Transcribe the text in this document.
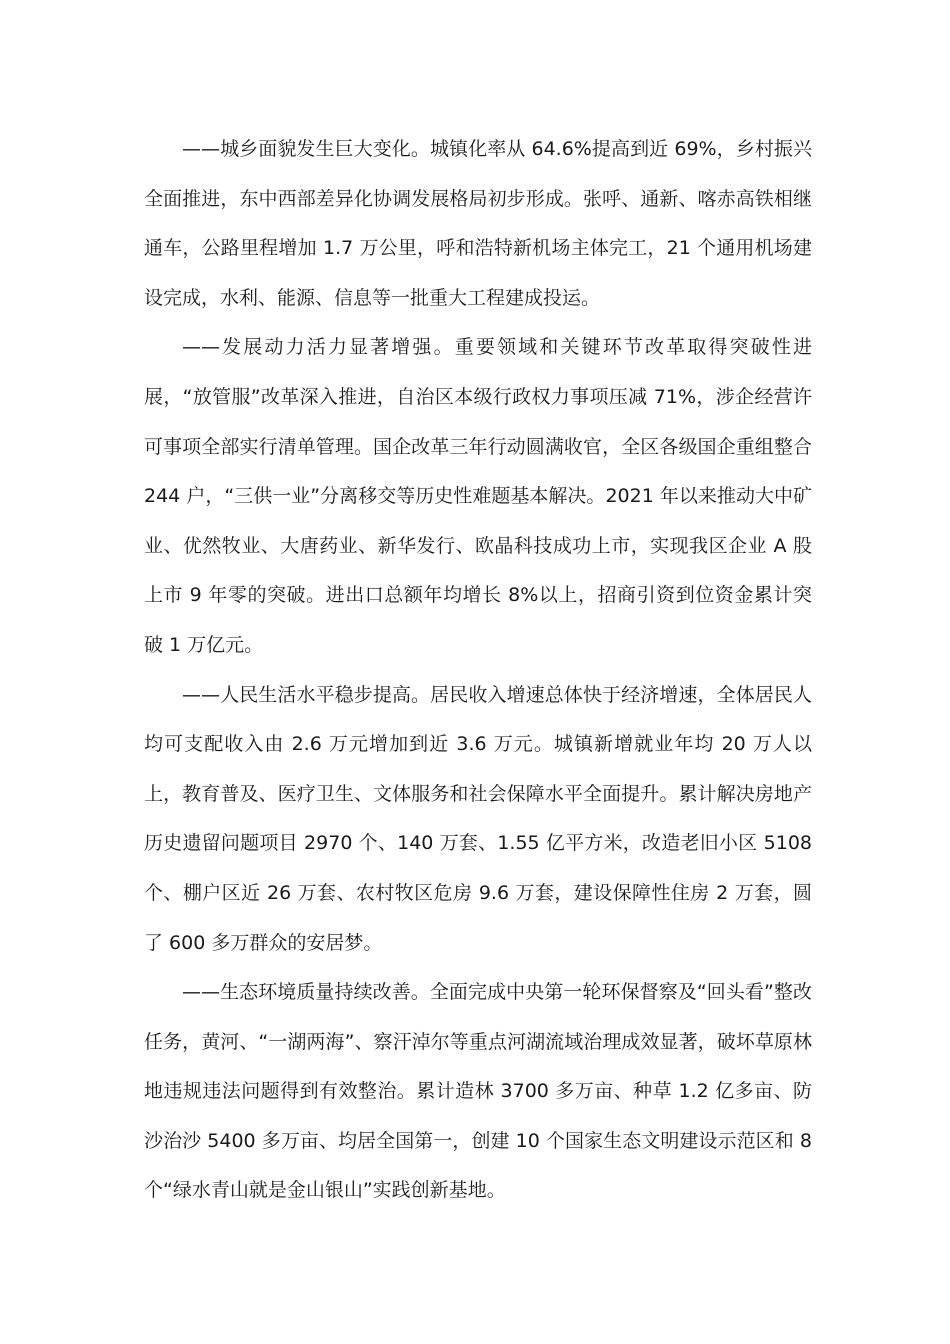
——城乡面貌发生巨大变化。城镇化率从 64.6%提高到近 69%，乡村振兴全面推进，东中西部差异化协调发展格局初步形成。张呼、通新、喀赤高铁相继通车，公路里程增加 1.7 万公里，呼和浩特新机场主体完工，21 个通用机场建设完成，水利、能源、信息等一批重大工程建成投运。

——发展动力活力显著增强。重要领域和关键环节改革取得突破性进展，“放管服”改革深入推进，自治区本级行政权力事项压减 71%，涉企经营许可事项全部实行清单管理。国企改革三年行动圆满收官，全区各级国企重组整合 244 户，“三供一业”分离移交等历史性难题基本解决。2021 年以来推动大中矿业、优然牧业、大唐药业、新华发行、欧晶科技成功上市，实现我区企业 A 股上市 9 年零的突破。进出口总额年均增长 8%以上，招商引资到位资金累计突破 1 万亿元。

——人民生活水平稳步提高。居民收入增速总体快于经济增速，全体居民人均可支配收入由 2.6 万元增加到近 3.6 万元。城镇新增就业年均 20 万人以上，教育普及、医疗卫生、文体服务和社会保障水平全面提升。累计解决房地产历史遗留问题项目 2970 个、140 万套、1.55 亿平方米，改造老旧小区 5108 个、棚户区近 26 万套、农村牧区危房 9.6 万套，建设保障性住房 2 万套，圆了 600 多万群众的安居梦。

——生态环境质量持续改善。全面完成中央第一轮环保督察及“回头看”整改任务，黄河、“一湖两海”、察汗淖尔等重点河湖流域治理成效显著，破坏草原林地违规违法问题得到有效整治。累计造林 3700 多万亩、种草 1.2 亿多亩、防沙治沙 5400 多万亩、均居全国第一，创建 10 个国家生态文明建设示范区和 8 个“绿水青山就是金山银山”实践创新基地。
